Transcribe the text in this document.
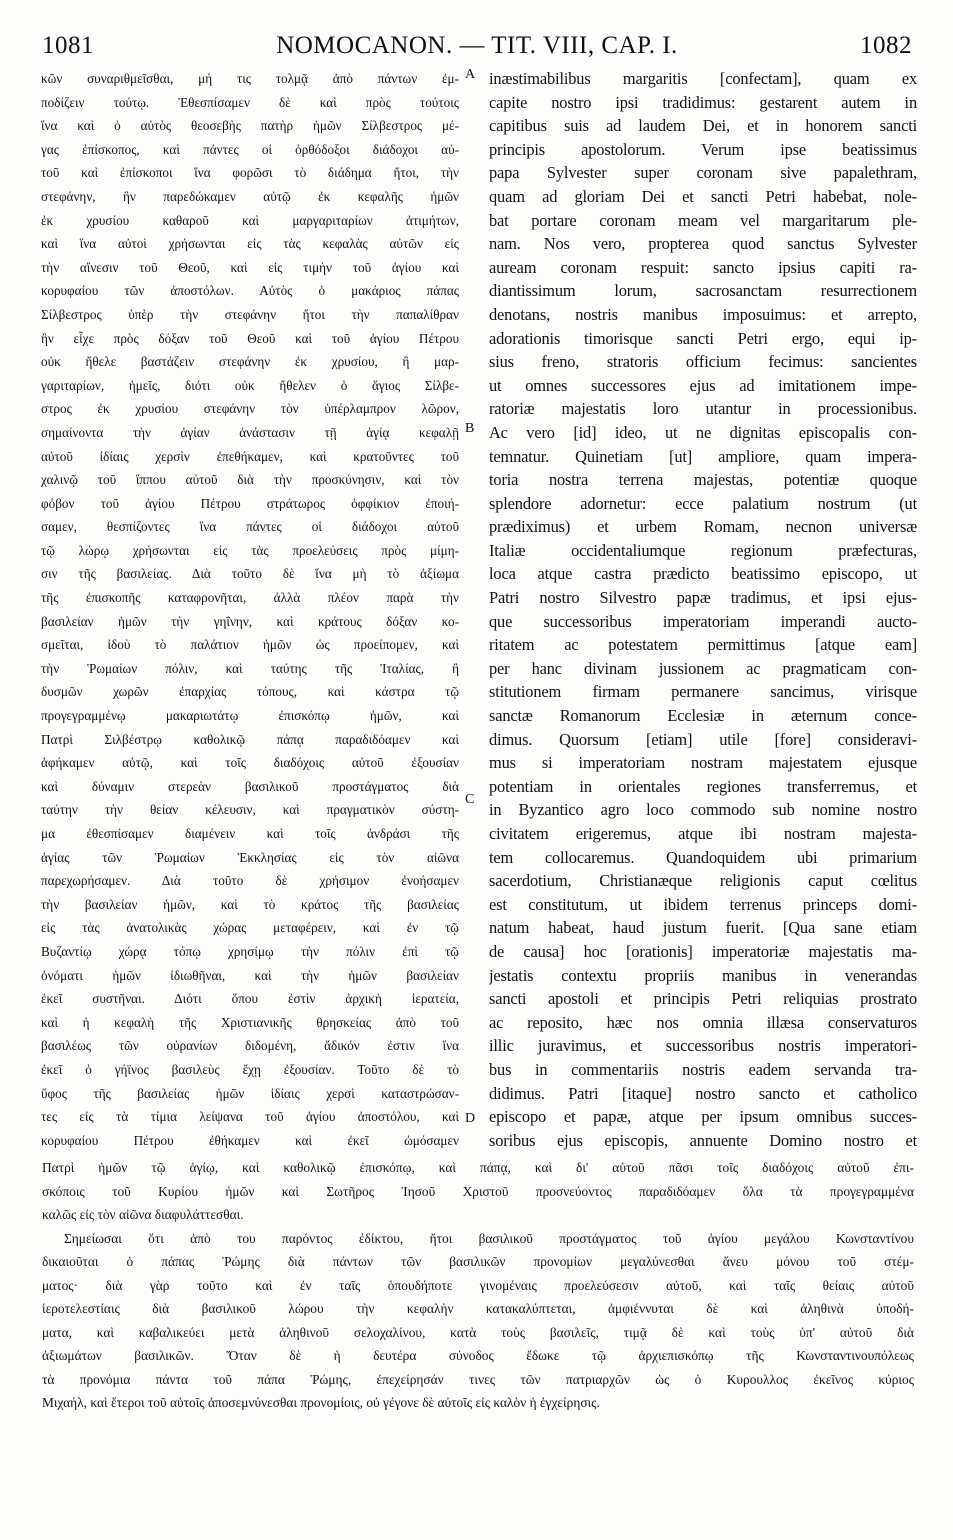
1081	NOMOCANON. — TIT. VIII, CAP. I.	1082
κῶν συναριθμεῖσθαι, μή τις τολμᾷ ἀπὸ πάντων ἐμ-
ποδίζειν τούτῳ. Ἐθεσπίσαμεν δὲ καὶ πρὸς τούτοις
ἵνα καὶ ὁ αὐτὸς θεοσεβὴς πατὴρ ἡμῶν Σίλβεστρος μέ-
γας ἐπίσκοπος, καὶ πάντες οἱ ὀρθόδοξοι διάδοχοι αὐ-
τοῦ καὶ ἐπίσκοποι ἵνα φορῶσι τὸ διάδημα ἤτοι, τὴν
στεφάνην, ἣν παρεδώκαμεν αὐτῷ ἐκ κεφαλῆς ἡμῶν
ἐκ χρυσίου καθαροῦ καὶ μαργαριταρίων ἀτιμήτων,
καὶ ἵνα αὐτοὶ χρήσωνται εἰς τὰς κεφαλὰς αὐτῶν εἰς
τὴν αἴνεσιν τοῦ Θεοῦ, καὶ εἰς τιμὴν τοῦ ἁγίου καὶ
κορυφαίου τῶν ἀποστόλων. Αὐτὸς ὁ μακάριος πάπας
Σίλβεστρος ὑπὲρ τὴν στεφάνην ἤτοι τὴν παπαλίθραν
ἣν εἶχε πρὸς δόξαν τοῦ Θεοῦ καὶ τοῦ ἁγίου Πέτρου
οὐκ ἤθελε βαστάζειν στεφάνην ἐκ χρυσίου, ἢ μαρ-
γαριταρίων, ἡμεῖς, διότι οὐκ ἤθελεν ὁ ἅγιος Σίλβε-
στρος ἐκ χρυσίου στεφάνην τὸν ὑπέρλαμπρον λῶρον,
σημαίνοντα τὴν ἁγίαν ἀνάστασιν τῇ ἁγίᾳ κεφαλῇ
αὐτοῦ ἰδίαις χερσὶν ἐπεθήκαμεν, καὶ κρατοῦντες τοῦ
χαλινῷ τοῦ ἵππου αὐτοῦ διὰ τὴν προσκύνησιν, καὶ τὸν
φόβον τοῦ ἁγίου Πέτρου στράτωρος ὀφφίκιον ἐποιή-
σαμεν, θεσπίζοντες ἵνα πάντες οἱ διάδοχοι αὐτοῦ
τῷ λώρῳ χρήσωνται εἰς τὰς προελεύσεις πρὸς μίμη-
σιν τῆς βασιλείας. Διὰ τοῦτο δὲ ἵνα μὴ τὸ ἀξίωμα
τῆς ἐπισκοπῆς καταφρονῆται, ἀλλὰ πλέον παρὰ τὴν
βασιλείαν ἡμῶν τὴν γηΐνην, καὶ κράτους δόξαν κο-
σμεῖται, ἰδοὺ τὸ παλάτιον ἡμῶν ὡς προείπομεν, καὶ
τὴν Ῥωμαίων πόλιν, καὶ ταύτης τῆς Ἰταλίας, ἢ
δυσμῶν χωρῶν ἐπαρχίας τόπους, καὶ κάστρα τῷ
προγεγραμμένῳ μακαριωτάτῳ ἐπισκόπῳ ἡμῶν, καὶ
Πατρὶ Σιλβέστρῳ καθολικῷ πάπᾳ παραδιδόαμεν καὶ
ἀφήκαμεν αὐτῷ, καὶ τοῖς διαδόχοις αὐτοῦ ἐξουσίαν
καὶ δύναμιν στερεὰν βασιλικοῦ προστάγματος διὰ
ταύτην τὴν θείαν κέλευσιν, καὶ πραγματικὸν σύστη-
μα ἐθεσπίσαμεν διαμένειν καὶ τοῖς ἀνδράσι τῆς
ἁγίας τῶν Ῥωμαίων Ἐκκλησίας εἰς τὸν αἰῶνα
παρεχωρήσαμεν. Διὰ τοῦτο δὲ χρήσιμον ἐνοήσαμεν
τὴν βασιλείαν ἡμῶν, καὶ τὸ κράτος τῆς βασιλείας
εἰς τὰς ἀνατολικὰς χώρας μεταφέρειν, καὶ ἐν τῷ
Βυζαντίῳ χώρᾳ τόπῳ χρησίμῳ τὴν πόλιν ἐπὶ τῷ
ὀνόματι ἡμῶν ἰδιωθῆναι, καὶ τὴν ἡμῶν βασιλείαν
ἐκεῖ συστῆναι. Διότι ὅπου ἐστὶν ἀρχικὴ ἱερατεία,
καὶ ἡ κεφαλὴ τῆς Χριστιανικῆς θρησκείας ἀπὸ τοῦ
βασιλέως τῶν οὐρανίων διδομένη, ἄδικόν ἐστιν ἵνα
ἐκεῖ ὁ γήϊνος βασιλεὺς ἔχῃ ἐξουσίαν. Τοῦτο δὲ τὸ
ὕφος τῆς βασιλείας ἡμῶν ἰδίαις χερσὶ καταστρώσαν-
τες εἰς τὰ τίμια λείψανα τοῦ ἁγίου ἀποστόλου, καὶ
κορυφαίου Πέτρου ἐθήκαμεν καὶ ἐκεῖ ὠμόσαμεν
inæstimabilibus margaritis [confectam], quam ex
capite nostro ipsi tradidimus: gestarent autem in
capitibus suis ad laudem Dei, et in honorem sancti
principis apostolorum. Verum ipse beatissimus
papa Sylvester super coronam sive papalethram,
quam ad gloriam Dei et sancti Petri habebat, nole-
bat portare coronam meam vel margaritarum ple-
nam. Nos vero, propterea quod sanctus Sylvester
auream coronam respuit: sancto ipsius capiti ra-
diantissimum lorum, sacrosanctam resurrectionem
denotans, nostris manibus imposuimus: et arrepto,
adorationis timorisque sancti Petri ergo, equi ip-
sius freno, stratoris officium fecimus: sancientes
ut omnes successores ejus ad imitationem impe-
ratoriæ majestatis loro utantur in processionibus.
Ac vero [id] ideo, ut ne dignitas episcopalis con-
temnatur. Quinetiam [ut] ampliore, quam impera-
toria nostra terrena majestas, potentiæ quoque
splendore adornetur: ecce palatium nostrum (ut
prædiximus) et urbem Romam, necnon universæ
Italiæ occidentaliumque regionum præfecturas,
loca atque castra prædicto beatissimo episcopo, ut
Patri nostro Silvestro papæ tradimus, et ipsi ejus-
que successoribus imperatoriam imperandi aucto-
ritatem ac potestatem permittimus [atque eam]
per hanc divinam jussionem ac pragmaticam con-
stitutionem firmam permanere sancimus, virisque
sanctæ Romanorum Ecclesiæ in æternum conce-
dimus. Quorsum [etiam] utile [fore] consideravi-
mus si imperatoriam nostram majestatem ejusque
potentiam in orientales regiones transferremus, et
in Byzantico agro loco commodo sub nomine nostro
civitatem erigeremus, atque ibi nostram majesta-
tem collocaremus. Quandoquidem ubi primarium
sacerdotium, Christianæque religionis caput cœlitus
est constitutum, ut ibidem terrenus princeps domi-
natum habeat, haud justum fuerit. [Qua sane etiam
de causa] hoc [orationis] imperatoriæ majestatis ma-
jestatis contextu propriis manibus in venerandas
sancti apostoli et principis Petri reliquias prostrato
ac reposito, hæc nos omnia illæsa conservaturos
illic juravimus, et successoribus nostris imperatori-
bus in commentariis nostris eadem servanda tra-
didimus. Patri [itaque] nostro sancto et catholico
episcopo et papæ, atque per ipsum omnibus succes-
soribus ejus episcopis, annuente Domino nostro et
A
B
C
D
Πατρὶ ἡμῶν τῷ ἁγίῳ, καὶ καθολικῷ ἐπισκόπῳ, καὶ πάπᾳ, καὶ δι' αὐτοῦ πᾶσι τοῖς διαδόχοις αὐτοῦ ἐπι-
σκόποις τοῦ Κυρίου ἡμῶν καὶ Σωτῆρος Ἰησοῦ Χριστοῦ προσνεύοντος παραδιδόαμεν ὅλα τὰ προγεγραμμένα
καλῶς εἰς τὸν αἰῶνα διαφυλάττεσθαι.
Σημείωσαι ὅτι ἀπὸ του παρόντος ἐδίκτου, ἤτοι βασιλικοῦ προστάγματος τοῦ ἁγίου μεγάλου Κωνσταντίνου
δικαιοῦται ὁ πάπας Ῥώμης διὰ πάντων τῶν βασιλικῶν προνομίων μεγαλύνεσθαι ἄνευ μόνου τοῦ στέμ-
ματος· διὰ γὰρ τοῦτο καὶ ἐν ταῖς ὁπουδήποτε γινομέναις προελεύσεσιν αὐτοῦ, καὶ ταῖς θείαις αὐτοῦ
ἱεροτελεστίαις διὰ βασιλικοῦ λώρου τὴν κεφαλὴν κατακαλύπτεται, ἀμφιέννυται δὲ καὶ ἀληθινὰ ὑποδή-
ματα, καὶ καβαλικεύει μετὰ ἀληθινοῦ σελοχαλίνου, κατὰ τοὺς βασιλεῖς, τιμᾷ δὲ καὶ τοὺς ὑπ' αὐτοῦ διὰ
ἀξιωμάτων βασιλικῶν. Ὅταν δὲ ἡ δευτέρα σύνοδος ἔδωκε τῷ ἀρχιεπισκόπῳ τῆς Κωνσταντινουπόλεως
τὰ προνόμια πάντα τοῦ πάπα Ῥώμης, ἐπεχείρησάν τινες τῶν πατριαρχῶν ὡς ὁ Κυρουλλος ἐκεῖνος κύριος
Μιχαήλ, καὶ ἕτεροι τοῦ αὐτοῖς ἀποσεμνύνεσθαι προνομίοις, οὐ γέγονε δὲ αὐτοῖς εἰς καλὸν ἡ ἐγχείρησις.
